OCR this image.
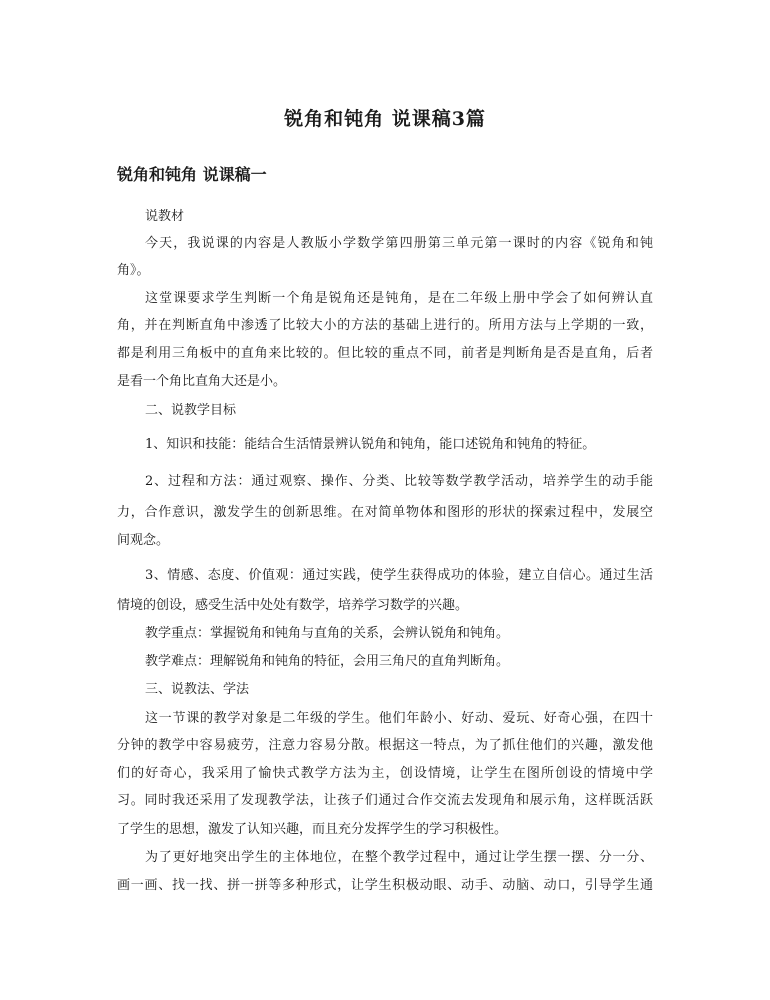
锐角和钝角 说课稿3篇
锐角和钝角 说课稿一
说教材
今天，我说课的内容是人教版小学数学第四册第三单元第一课时的内容《锐角和钝
角》。
这堂课要求学生判断一个角是锐角还是钝角，是在二年级上册中学会了如何辨认直
角，并在判断直角中渗透了比较大小的方法的基础上进行的。所用方法与上学期的一致，
都是利用三角板中的直角来比较的。但比较的重点不同，前者是判断角是否是直角，后者
是看一个角比直角大还是小。
二、说教学目标
1、知识和技能：能结合生活情景辨认锐角和钝角，能口述锐角和钝角的特征。
2、过程和方法：通过观察、操作、分类、比较等数学教学活动，培养学生的动手能
力，合作意识，激发学生的创新思维。在对简单物体和图形的形状的探索过程中，发展空
间观念。
3、情感、态度、价值观：通过实践，使学生获得成功的体验，建立自信心。通过生活
情境的创设，感受生活中处处有数学，培养学习数学的兴趣。
教学重点：掌握锐角和钝角与直角的关系，会辨认锐角和钝角。
教学难点：理解锐角和钝角的特征，会用三角尺的直角判断角。
三、说教法、学法
这一节课的教学对象是二年级的学生。他们年龄小、好动、爱玩、好奇心强，在四十
分钟的教学中容易疲劳，注意力容易分散。根据这一特点，为了抓住他们的兴趣，激发他
们的好奇心，我采用了愉快式教学方法为主，创设情境，让学生在图所创设的情境中学
习。同时我还采用了发现教学法，让孩子们通过合作交流去发现角和展示角，这样既活跃
了学生的思想，激发了认知兴趣，而且充分发挥学生的学习积极性。
为了更好地突出学生的主体地位，在整个教学过程中，通过让学生摆一摆、分一分、
画一画、找一找、拼一拼等多种形式，让学生积极动眼、动手、动脑、动口，引导学生通
